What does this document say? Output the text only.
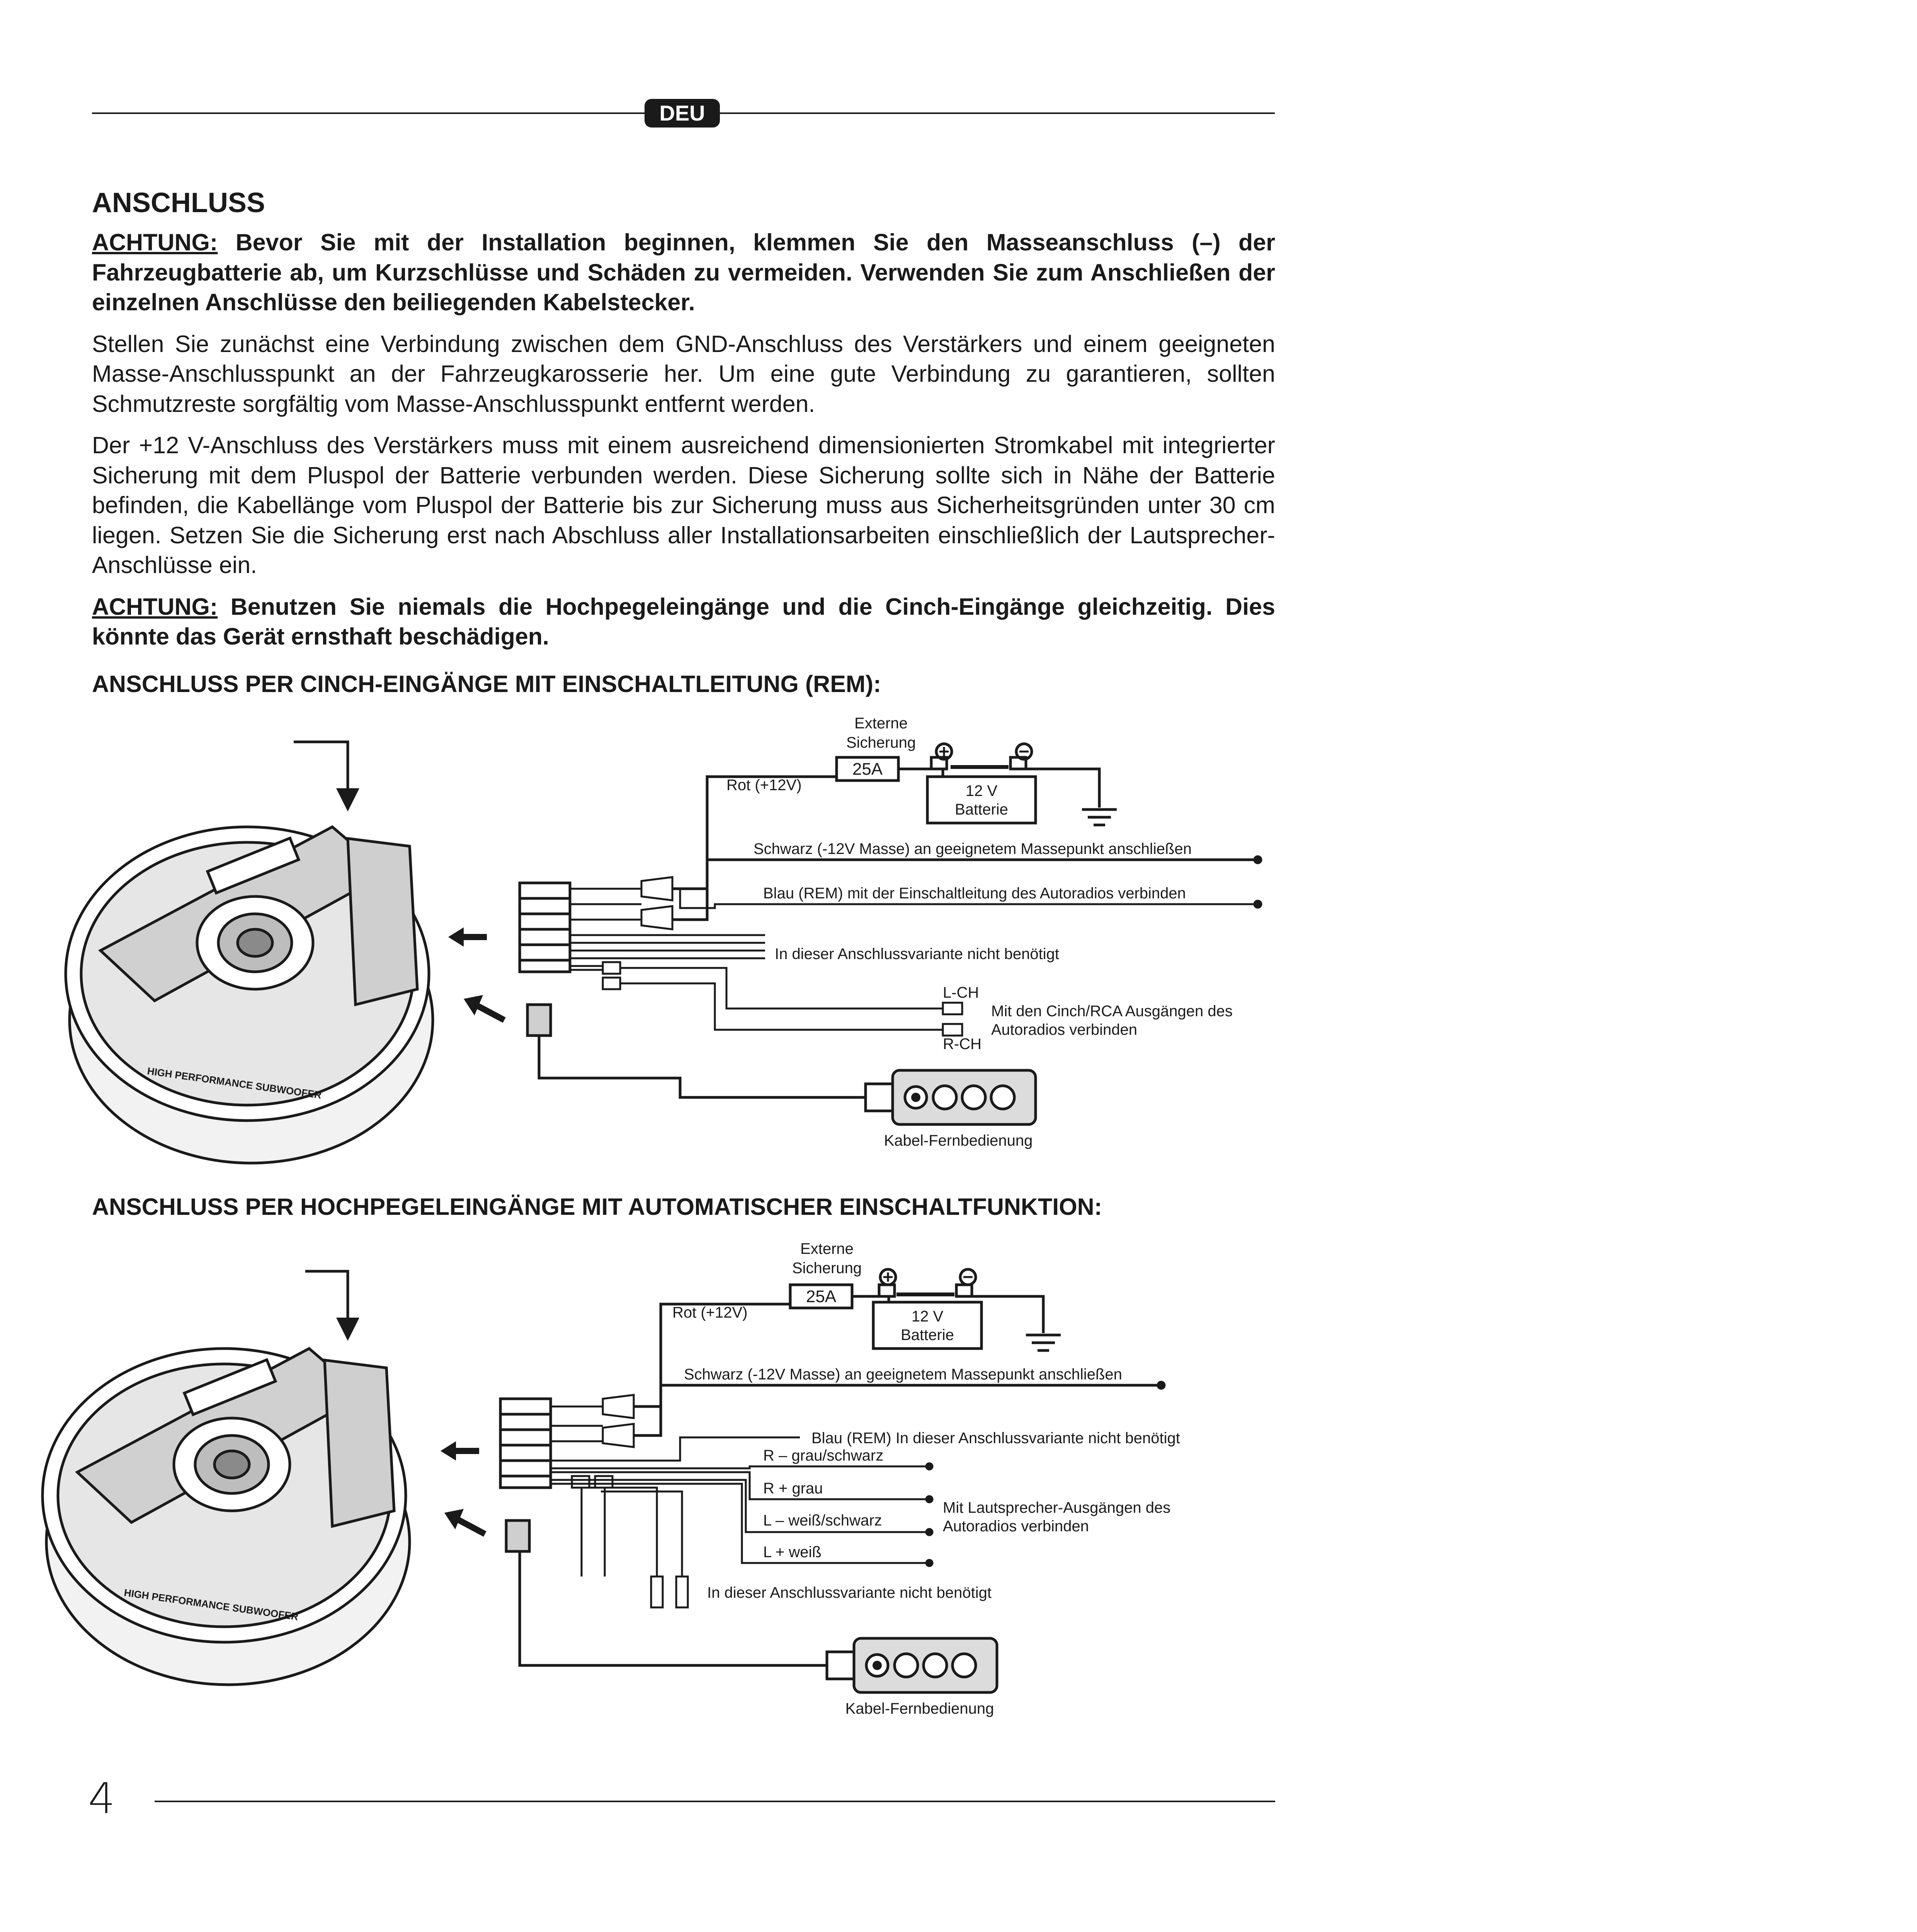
DEU
ANSCHLUSS

ACHTUNG: Bevor Sie mit der Installation beginnen, klemmen Sie den Masseanschluss (–) der Fahrzeugbatterie ab, um Kurzschlüsse und Schäden zu vermeiden. Verwenden Sie zum Anschließen der einzelnen Anschlüsse den beiliegenden Kabelstecker.

Stellen Sie zunächst eine Verbindung zwischen dem GND-Anschluss des Verstärkers und einem geeigneten Masse-Anschlusspunkt an der Fahrzeugkarosserie her. Um eine gute Verbindung zu garantieren, sollten Schmutzreste sorgfältig vom Masse-Anschlusspunkt entfernt werden.

Der +12 V-Anschluss des Verstärkers muss mit einem ausreichend dimensionierten Stromkabel mit integrierter Sicherung mit dem Pluspol der Batterie verbunden werden. Diese Sicherung sollte sich in Nähe der Batterie befinden, die Kabellänge vom Pluspol der Batterie bis zur Sicherung muss aus Sicherheitsgründen unter 30 cm liegen. Setzen Sie die Sicherung erst nach Abschluss aller Installationsarbeiten einschließlich der Lautsprecher-Anschlüsse ein.

ACHTUNG: Benutzen Sie niemals die Hochpegeleingänge und die Cinch-Eingänge gleichzeitig. Dies könnte das Gerät ernsthaft beschädigen.

ANSCHLUSS PER CINCH-EINGÄNGE MIT EINSCHALTLEITUNG (REM):
HIGH PERFORMANCE SUBWOOFER
Externe
Sicherung
25A
12 V
Batterie
Rot (+12V)
Schwarz (-12V Masse) an geeignetem Massepunkt anschließen
Blau (REM) mit der Einschaltleitung des Autoradios verbinden
In dieser Anschlussvariante nicht benötigt
L-CH
R-CH
Mit den Cinch/RCA Ausgängen des
Autoradios verbinden
Kabel-Fernbedienung
ANSCHLUSS PER HOCHPEGELEINGÄNGE MIT AUTOMATISCHER EINSCHALTFUNKTION:
HIGH PERFORMANCE SUBWOOFER
Externe
Sicherung
25A
12 V
Batterie
Rot (+12V)
Schwarz (-12V Masse) an geeignetem Massepunkt anschließen
Blau (REM) In dieser Anschlussvariante nicht benötigt
R – grau/schwarz
R + grau
L – weiß/schwarz
L + weiß
Mit Lautsprecher-Ausgängen des
Autoradios verbinden
In dieser Anschlussvariante nicht benötigt
Kabel-Fernbedienung
4
